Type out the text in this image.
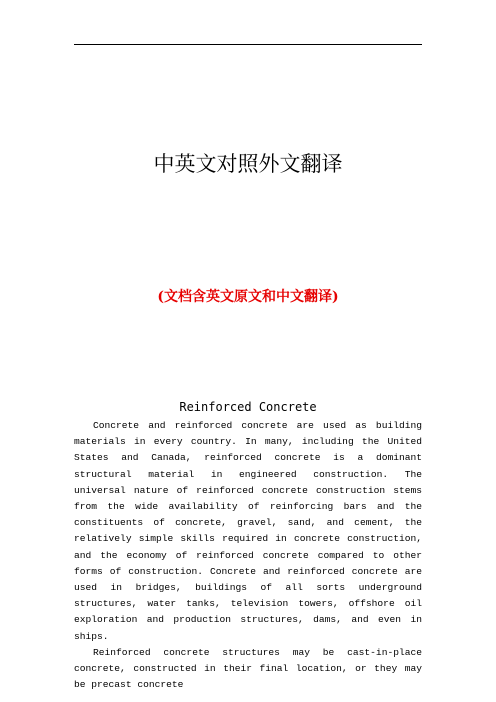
中英文对照外文翻译
(文档含英文原文和中文翻译)
Reinforced Concrete

Concrete and reinforced concrete are used as building materials in every country. In many, including the United States and Canada, reinforced concrete is a dominant structural material in engineered construction. The universal nature of reinforced concrete construction stems from the wide availability of reinforcing bars and the constituents of concrete, gravel, sand, and cement, the relatively simple skills required in concrete construction, and the economy of reinforced concrete compared to other forms of construction. Concrete and reinforced concrete are used in bridges, buildings of all sorts underground structures, water tanks, television towers, offshore oil exploration and production structures, dams, and even in ships.

Reinforced concrete structures may be cast-in-place concrete, constructed in their final location, or they may be precast concrete
